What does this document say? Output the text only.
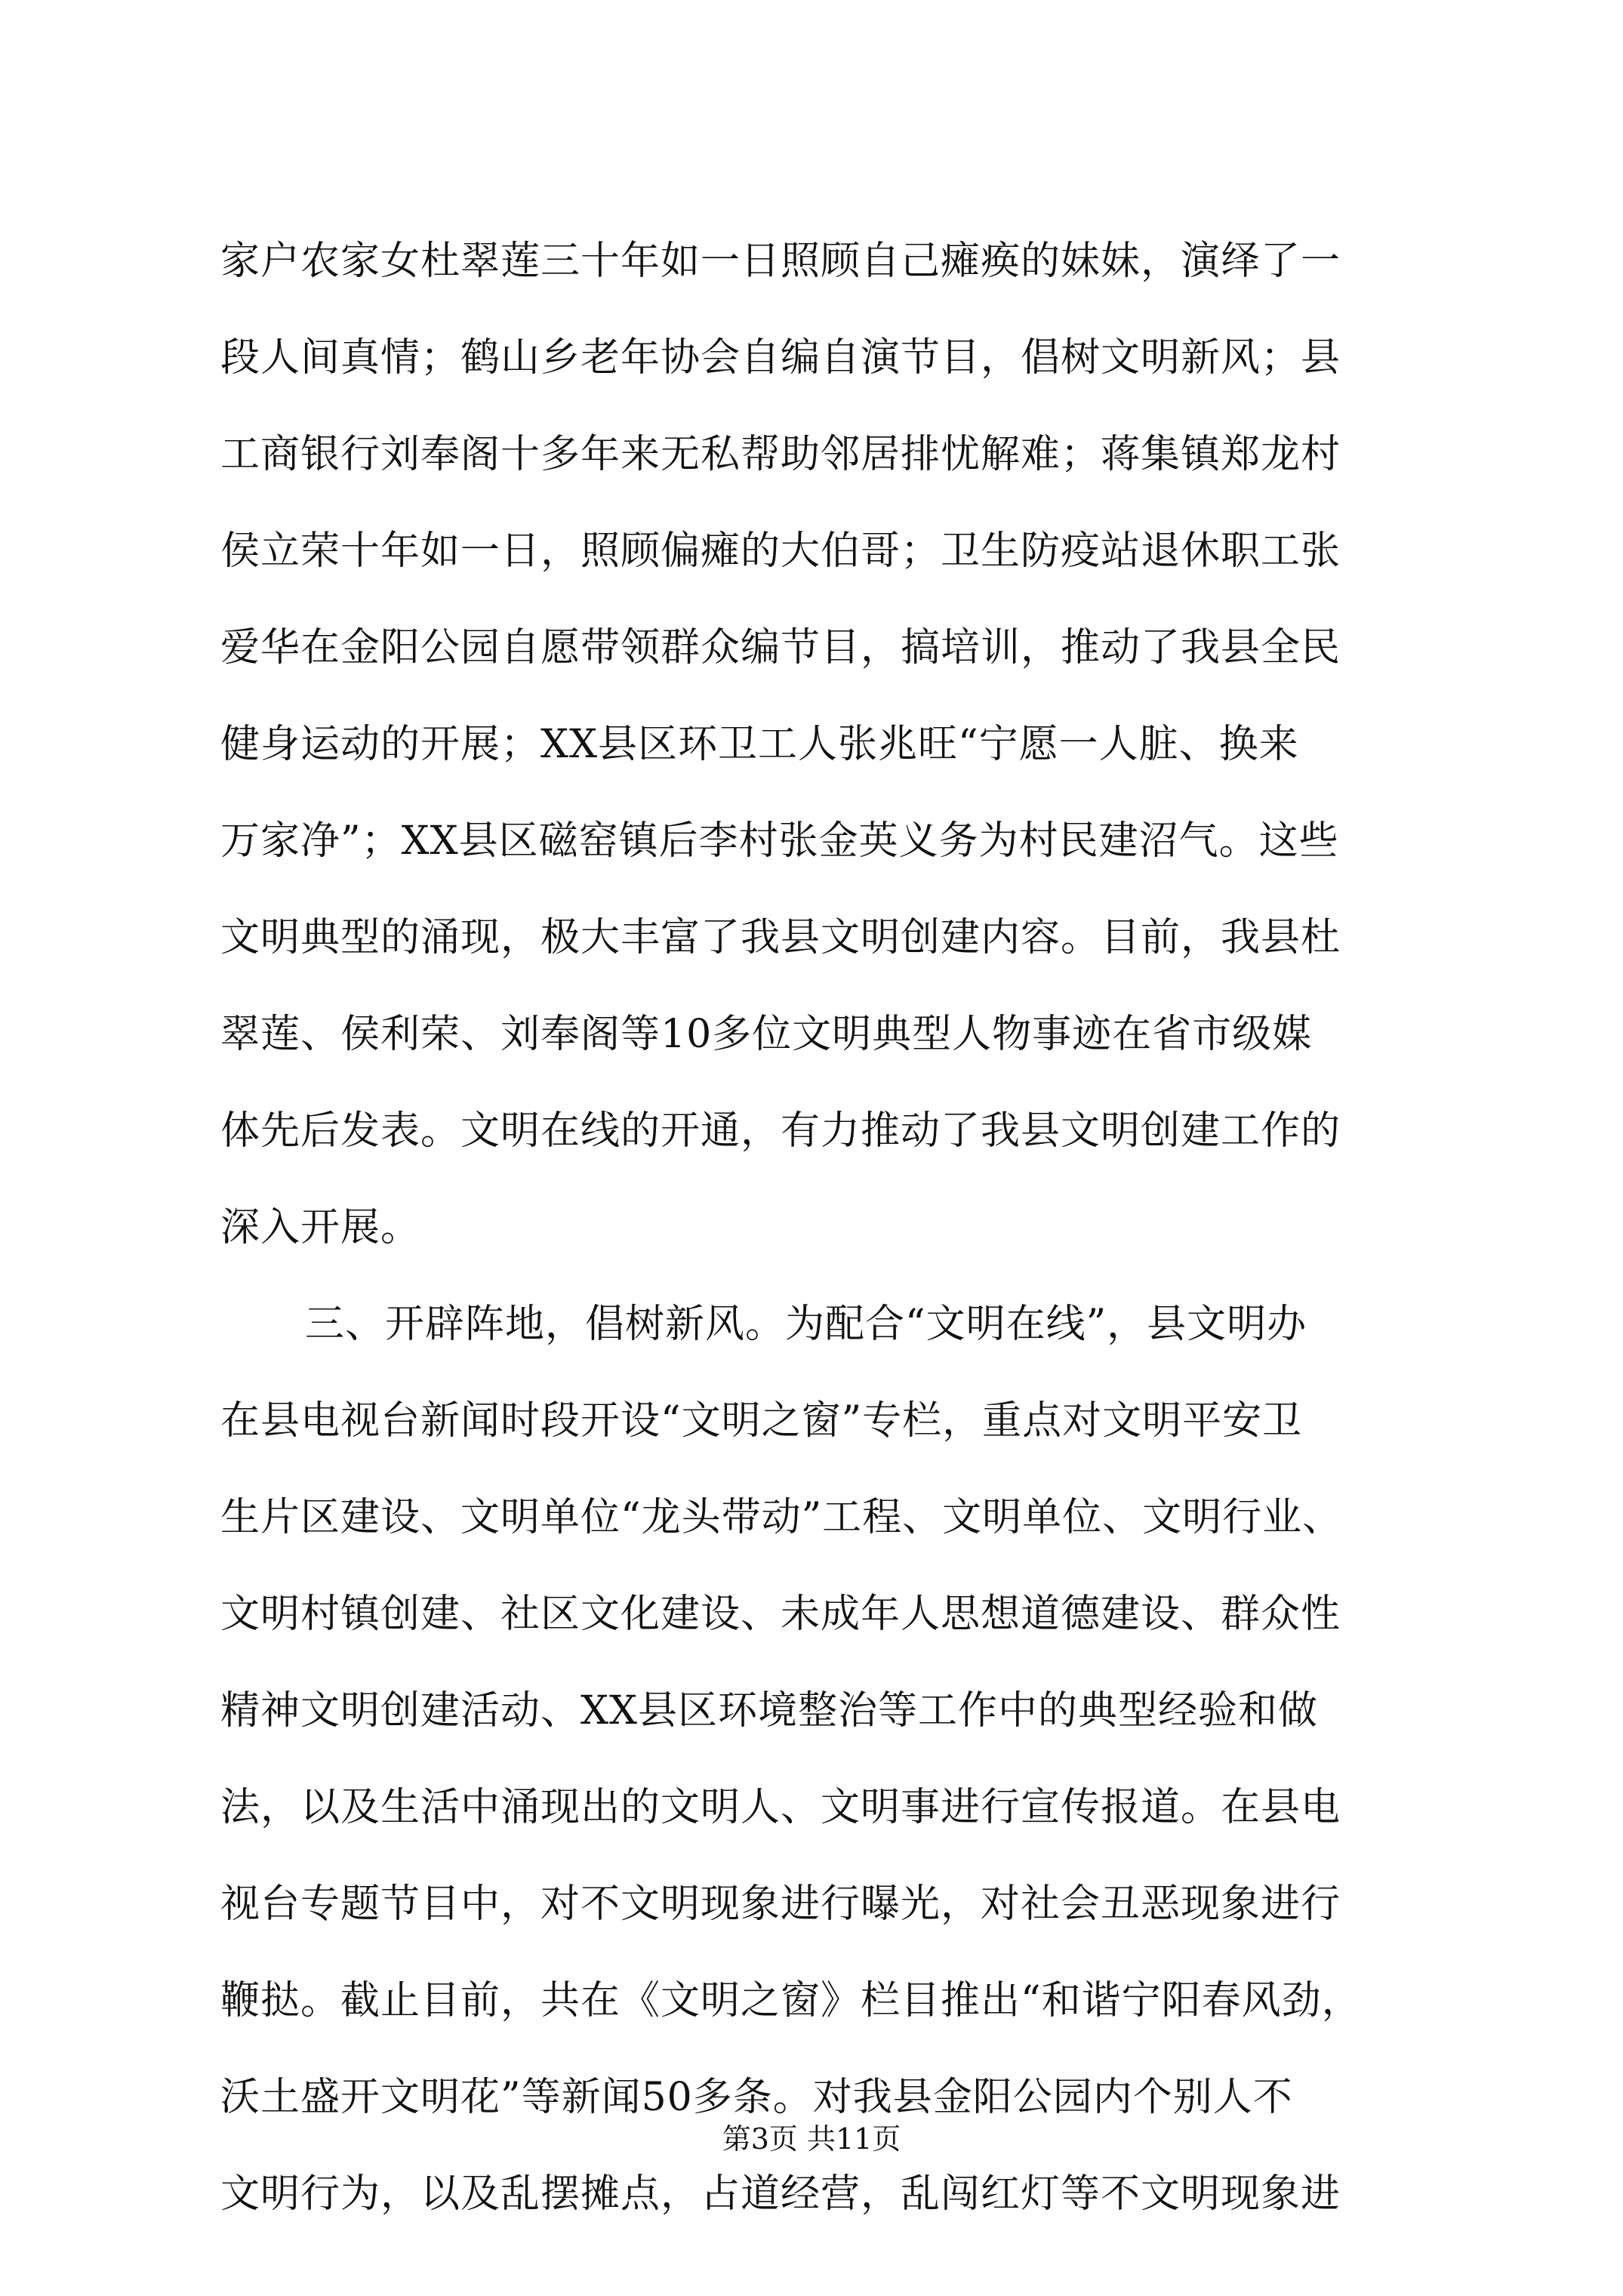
家户农家女杜翠莲三十年如一日照顾自己瘫痪的妹妹，演绎了一
段人间真情；鹤山乡老年协会自编自演节目，倡树文明新风；县
工商银行刘奉阁十多年来无私帮助邻居排忧解难；蒋集镇郑龙村
侯立荣十年如一日，照顾偏瘫的大伯哥；卫生防疫站退休职工张
爱华在金阳公园自愿带领群众编节目，搞培训，推动了我县全民
健身运动的开展；XX县区环卫工人张兆旺“宁愿一人脏、换来
万家净”；XX县区磁窑镇后李村张金英义务为村民建沼气。这些
文明典型的涌现，极大丰富了我县文明创建内容。目前，我县杜
翠莲、侯利荣、刘奉阁等10多位文明典型人物事迹在省市级媒
体先后发表。文明在线的开通，有力推动了我县文明创建工作的
深入开展。
三、开辟阵地，倡树新风。为配合“文明在线”，县文明办
在县电视台新闻时段开设“文明之窗”专栏，重点对文明平安卫
生片区建设、文明单位“龙头带动”工程、文明单位、文明行业、
文明村镇创建、社区文化建设、未成年人思想道德建设、群众性
精神文明创建活动、XX县区环境整治等工作中的典型经验和做
法，以及生活中涌现出的文明人、文明事进行宣传报道。在县电
视台专题节目中，对不文明现象进行曝光，对社会丑恶现象进行
鞭挞。截止目前，共在《文明之窗》栏目推出“和谐宁阳春风劲，
沃土盛开文明花”等新闻50多条。对我县金阳公园内个别人不
文明行为，以及乱摆摊点，占道经营，乱闯红灯等不文明现象进
第3页 共11页
